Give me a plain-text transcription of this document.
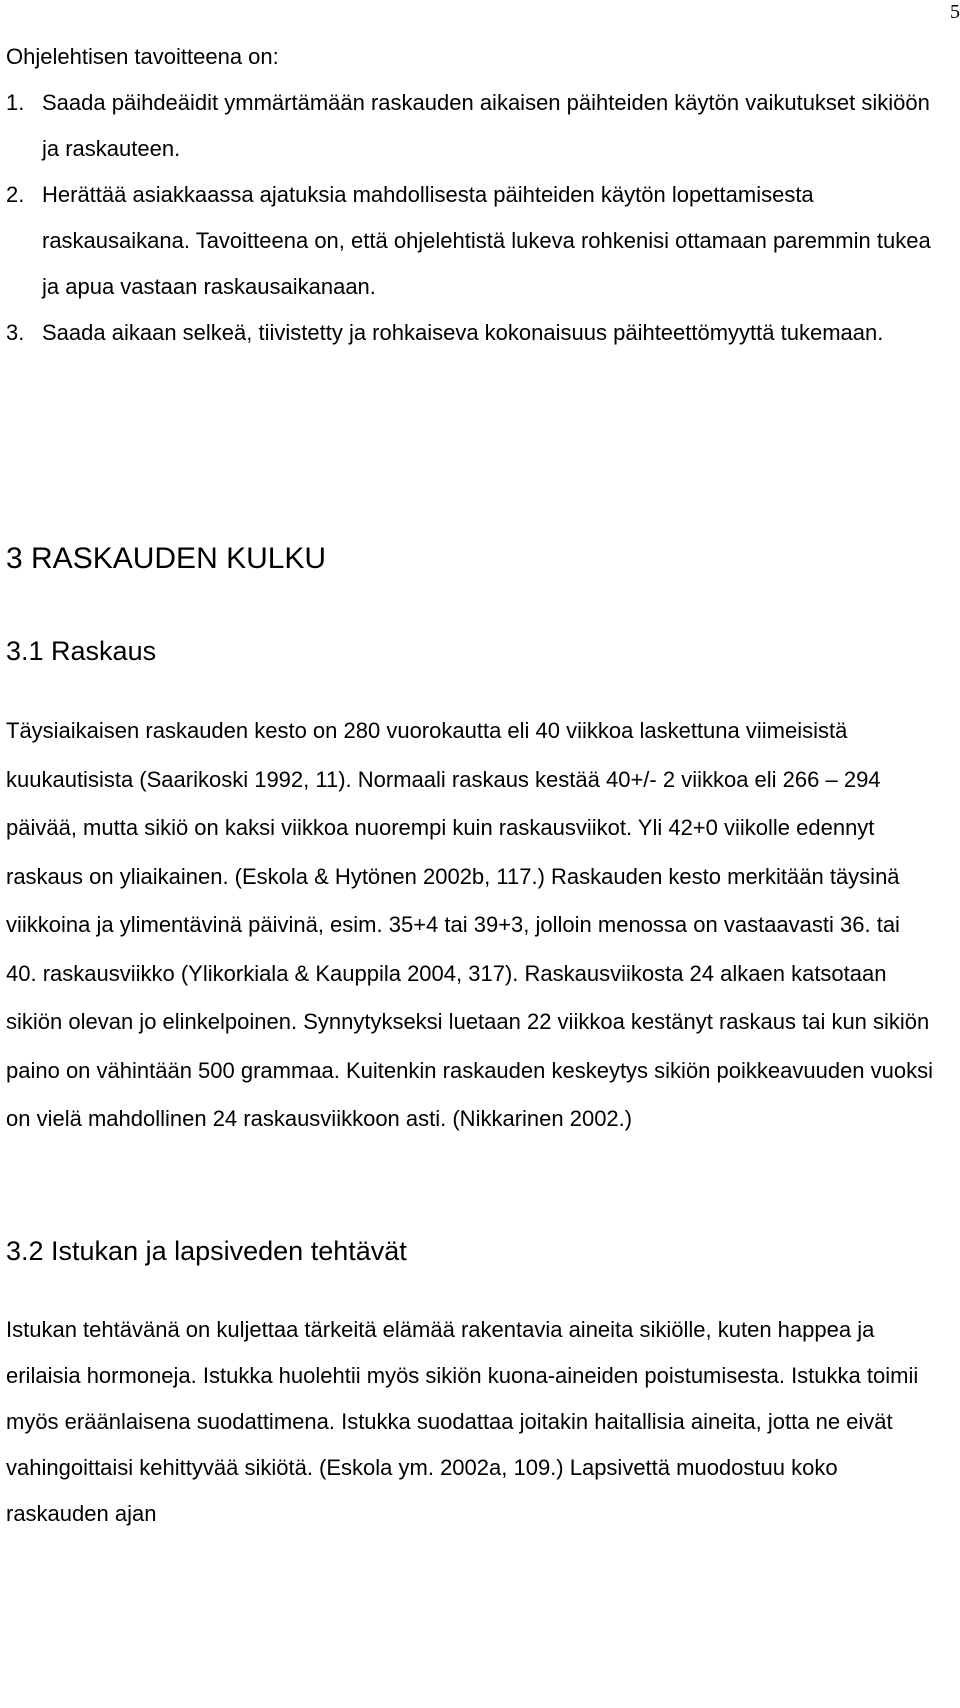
5

Ohjelehtisen tavoitteena on:

1. Saada päihdeäidit ymmärtämään raskauden aikaisen päihteiden käytön vaikutukset sikiöön ja raskauteen.
2. Herättää asiakkaassa ajatuksia mahdollisesta päihteiden käytön lopettamisesta raskausaikana. Tavoitteena on, että ohjelehtistä lukeva rohkenisi ottamaan paremmin tukea ja apua vastaan raskausaikanaan.
3. Saada aikaan selkeä, tiivistetty ja rohkaiseva kokonaisuus päihteettömyyttä tukemaan.
3 RASKAUDEN KULKU
3.1 Raskaus

Täysiaikaisen raskauden kesto on 280 vuorokautta eli 40 viikkoa laskettuna viimeisistä kuukautisista (Saarikoski 1992, 11). Normaali raskaus kestää 40+/- 2 viikkoa eli 266 – 294 päivää, mutta sikiö on kaksi viikkoa nuorempi kuin raskausviikot. Yli 42+0 viikolle edennyt raskaus on yliaikainen. (Eskola & Hytönen 2002b, 117.) Raskauden kesto merkitään täysinä viikkoina ja ylimentävinä päivinä, esim. 35+4 tai 39+3, jolloin menossa on vastaavasti 36. tai 40. raskausviikko (Ylikorkiala & Kauppila 2004, 317). Raskausviikosta 24 alkaen katsotaan sikiön olevan jo elinkelpoinen. Synnytykseksi luetaan 22 viikkoa kestänyt raskaus tai kun sikiön paino on vähintään 500 grammaa. Kuitenkin raskauden keskeytys sikiön poikkeavuuden vuoksi on vielä mahdollinen 24 raskausviikkoon asti. (Nikkarinen 2002.)

3.2 Istukan ja lapsiveden tehtävät

Istukan tehtävänä on kuljettaa tärkeitä elämää rakentavia aineita sikiölle, kuten happea ja erilaisia hormoneja. Istukka huolehtii myös sikiön kuona-aineiden poistumisesta. Istukka toimii myös eräänlaisena suodattimena. Istukka suodattaa joitakin haitallisia aineita, jotta ne eivät vahingoittaisi kehittyvää sikiötä. (Eskola ym. 2002a, 109.) Lapsivettä muodostuu koko raskauden ajan
